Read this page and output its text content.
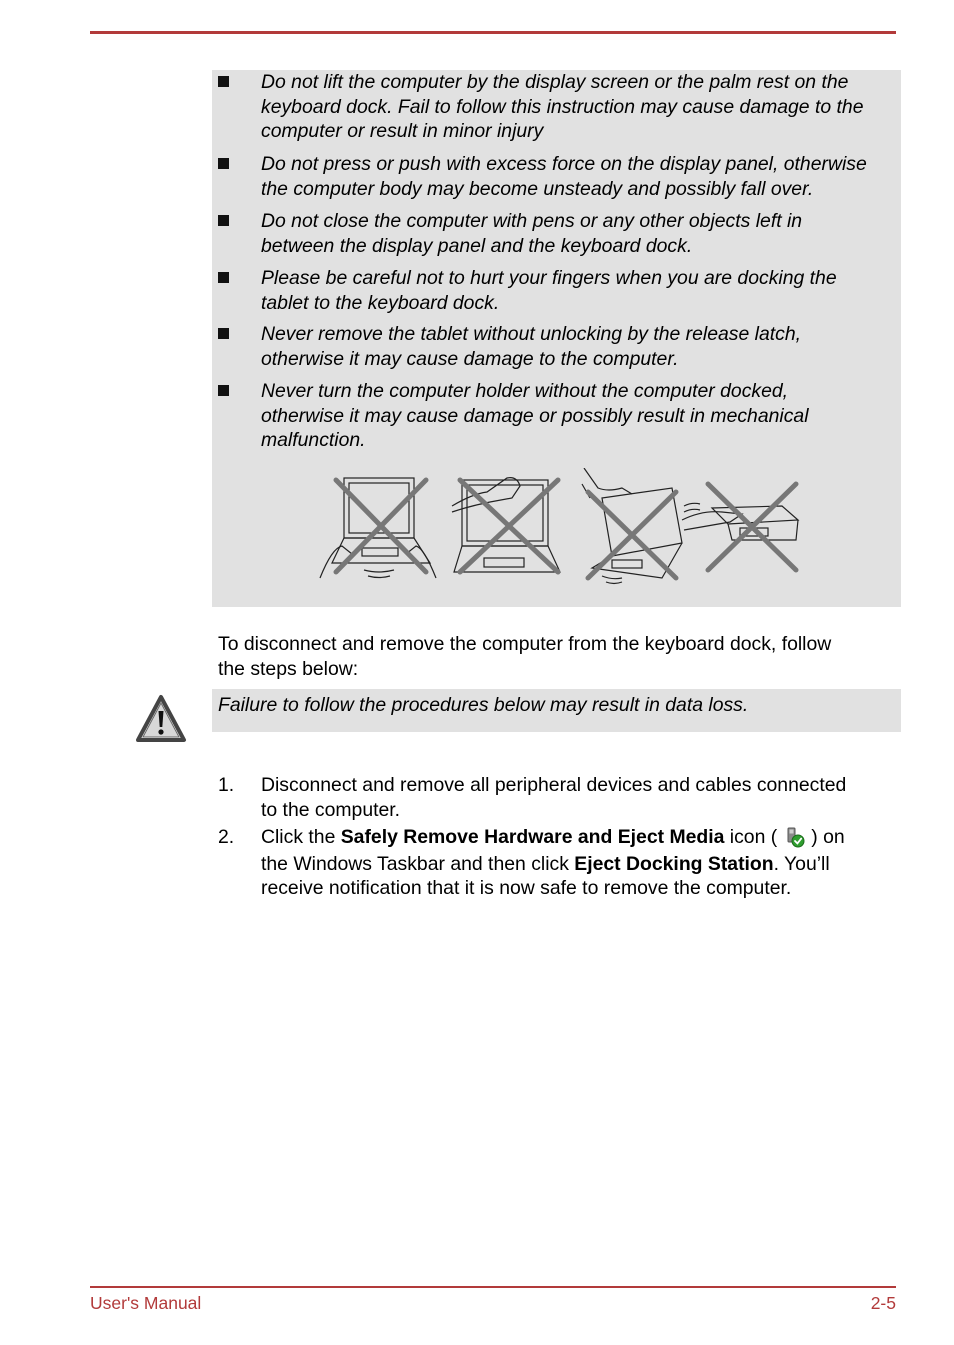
Do not lift the computer by the display screen or the palm rest on the
keyboard dock. Fail to follow this instruction may cause damage to the
computer or result in minor injury
Do not press or push with excess force on the display panel, otherwise
the computer body may become unsteady and possibly fall over.
Do not close the computer with pens or any other objects left in
between the display panel and the keyboard dock.
Please be careful not to hurt your fingers when you are docking the
tablet to the keyboard dock.
Never remove the tablet without unlocking by the release latch,
otherwise it may cause damage to the computer.
Never turn the computer holder without the computer docked,
otherwise it may cause damage or possibly result in mechanical
malfunction.
To disconnect and remove the computer from the keyboard dock, follow
the steps below:
Failure to follow the procedures below may result in data loss.
1. Disconnect and remove all peripheral devices and cables connected
to the computer.
2. Click the Safely Remove Hardware and Eject Media icon ( ) on
the Windows Taskbar and then click Eject Docking Station. You’ll
receive notification that it is now safe to remove the computer.
User's Manual	2-5
